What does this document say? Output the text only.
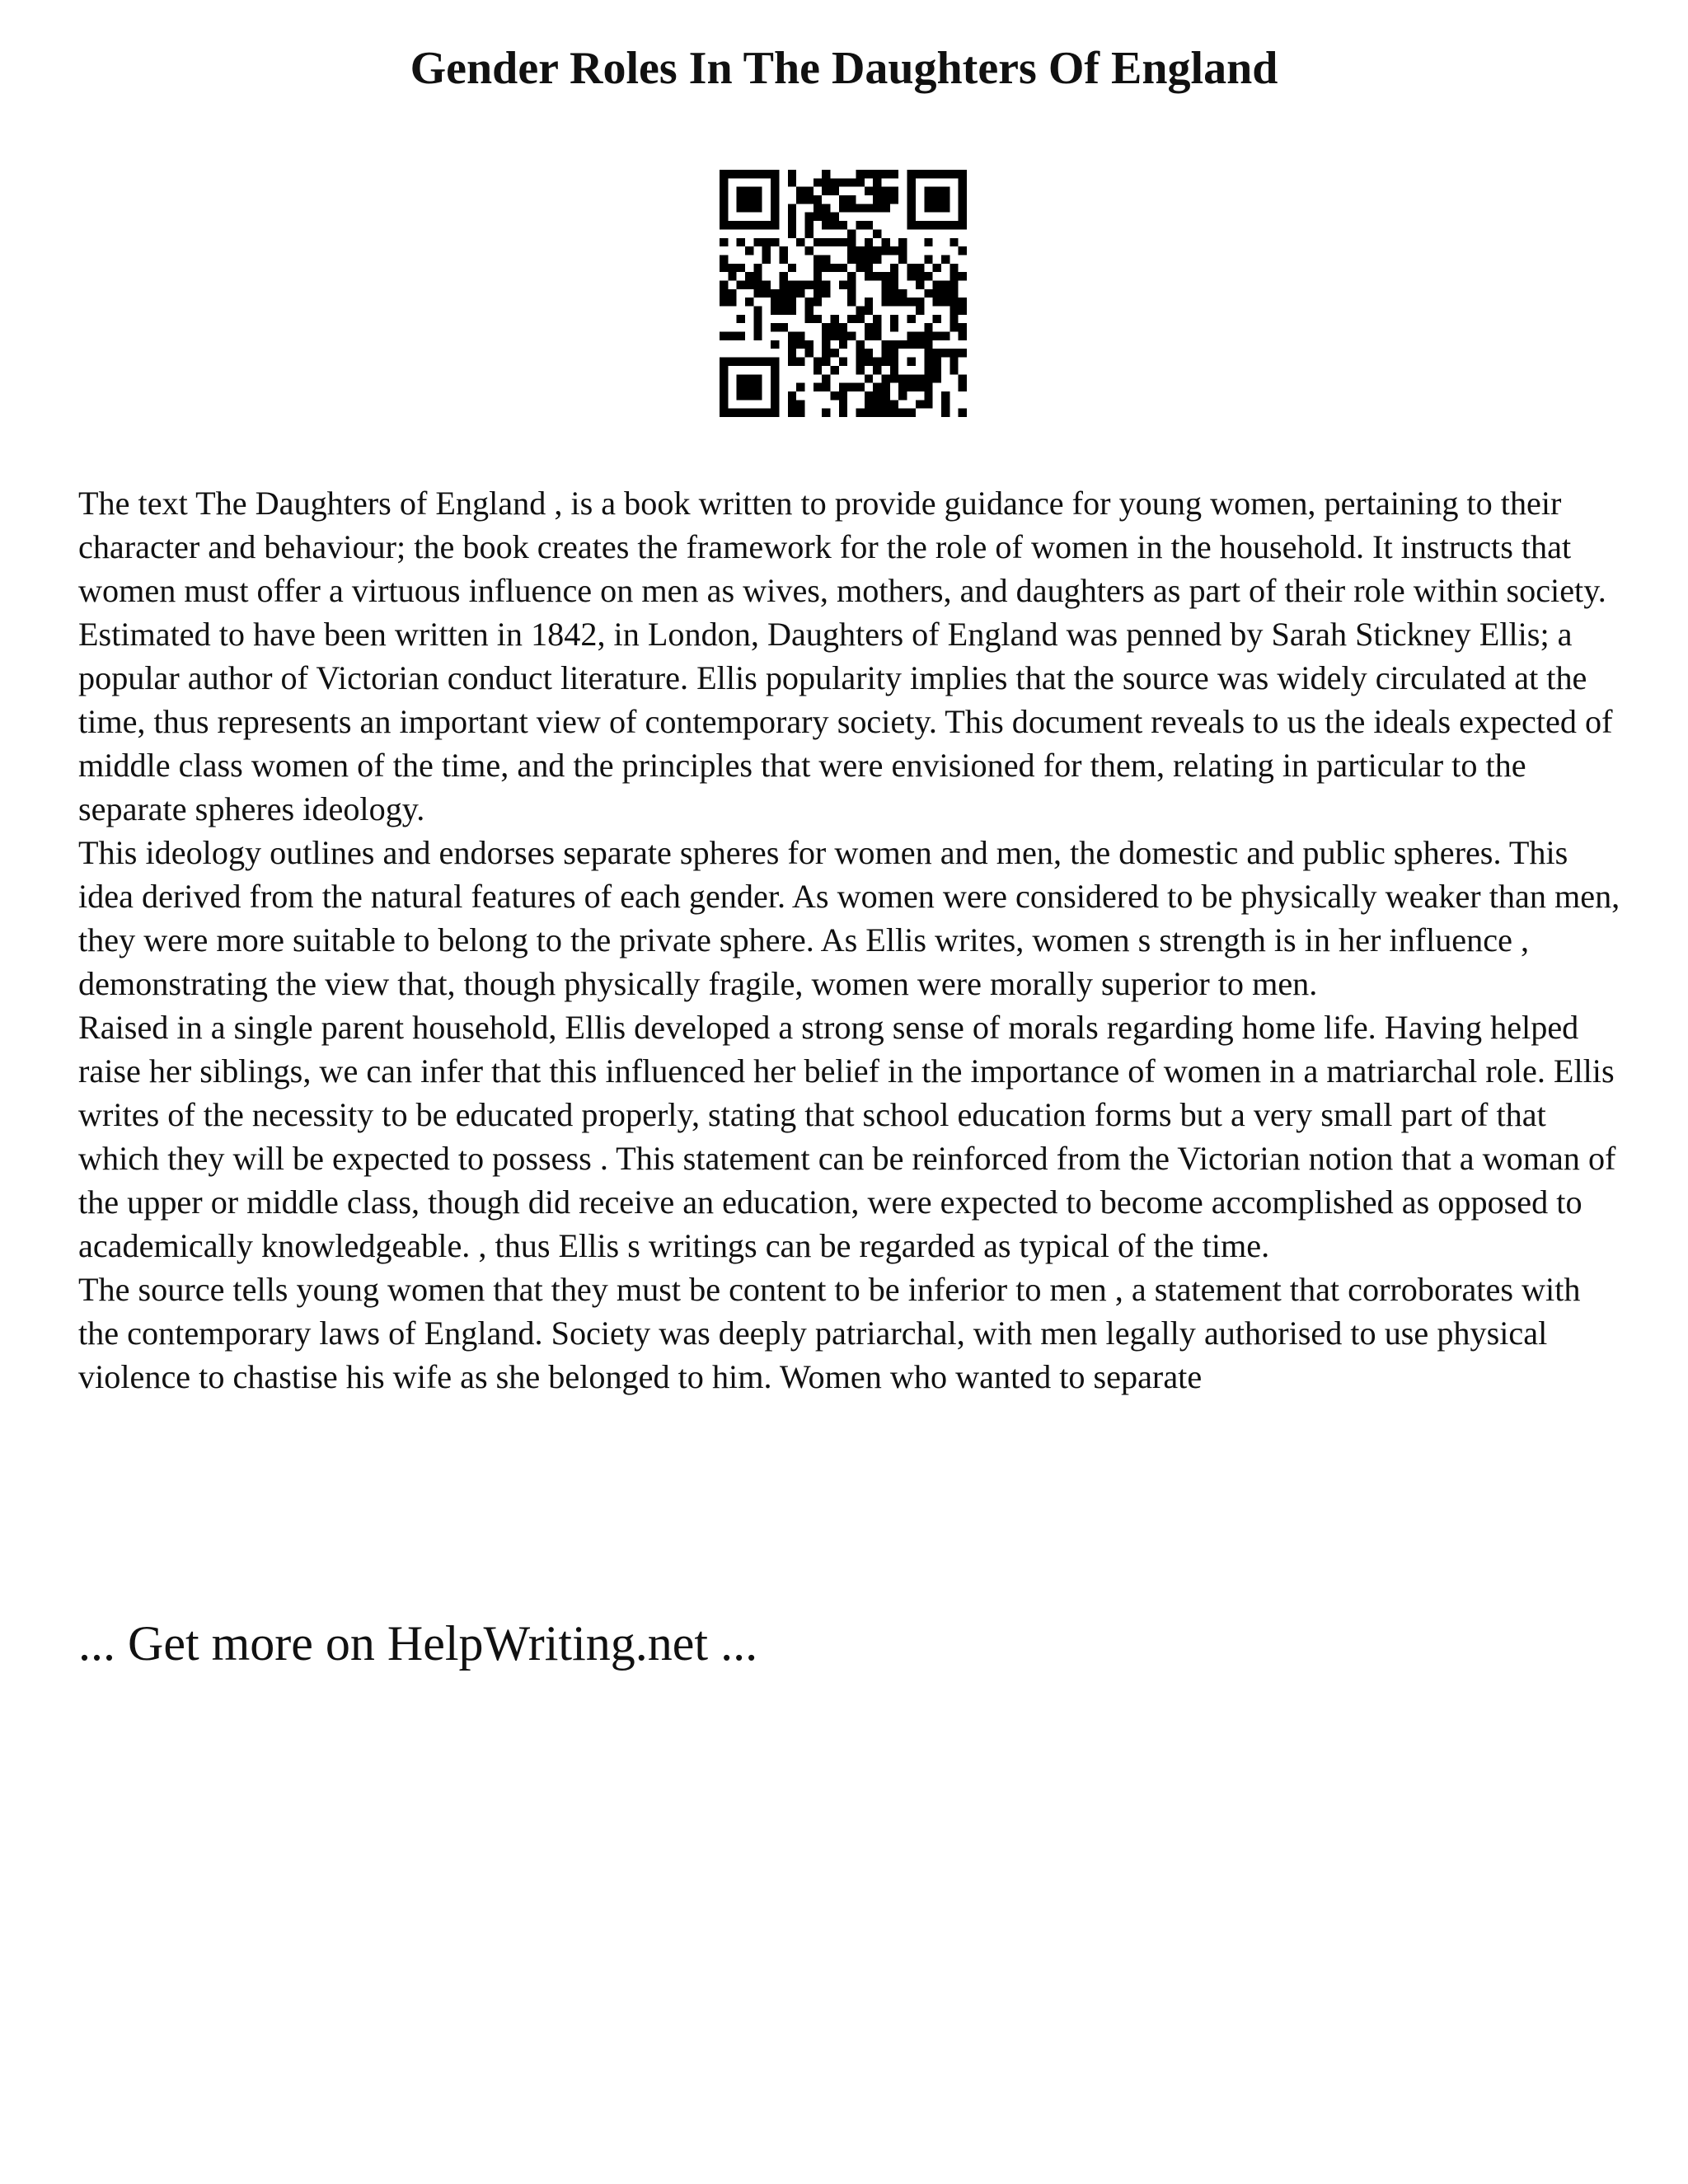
Gender Roles In The Daughters Of England

The text The Daughters of England , is a book written to provide guidance for young women, pertaining to their character and behaviour; the book creates the framework for the role of women in the household. It instructs that women must offer a virtuous influence on men as wives, mothers, and daughters as part of their role within society. Estimated to have been written in 1842, in London, Daughters of England was penned by Sarah Stickney Ellis; a popular author of Victorian conduct literature. Ellis popularity implies that the source was widely circulated at the time, thus represents an important view of contemporary society. This document reveals to us the ideals expected of middle class women of the time, and the principles that were envisioned for them, relating in particular to the separate spheres ideology.

This ideology outlines and endorses separate spheres for women and men, the domestic and public spheres. This idea derived from the natural features of each gender. As women were considered to be physically weaker than men, they were more suitable to belong to the private sphere. As Ellis writes, women s strength is in her influence , demonstrating the view that, though physically fragile, women were morally superior to men.

Raised in a single parent household, Ellis developed a strong sense of morals regarding home life. Having helped raise her siblings, we can infer that this influenced her belief in the importance of women in a matriarchal role. Ellis writes of the necessity to be educated properly, stating that school education forms but a very small part of that which they will be expected to possess . This statement can be reinforced from the Victorian notion that a woman of the upper or middle class, though did receive an education, were expected to become accomplished as opposed to academically knowledgeable. , thus Ellis s writings can be regarded as typical of the time.

The source tells young women that they must be content to be inferior to men , a statement that corroborates with the contemporary laws of England. Society was deeply patriarchal, with men legally authorised to use physical violence to chastise his wife as she belonged to him. Women who wanted to separate

... Get more on HelpWriting.net ...
